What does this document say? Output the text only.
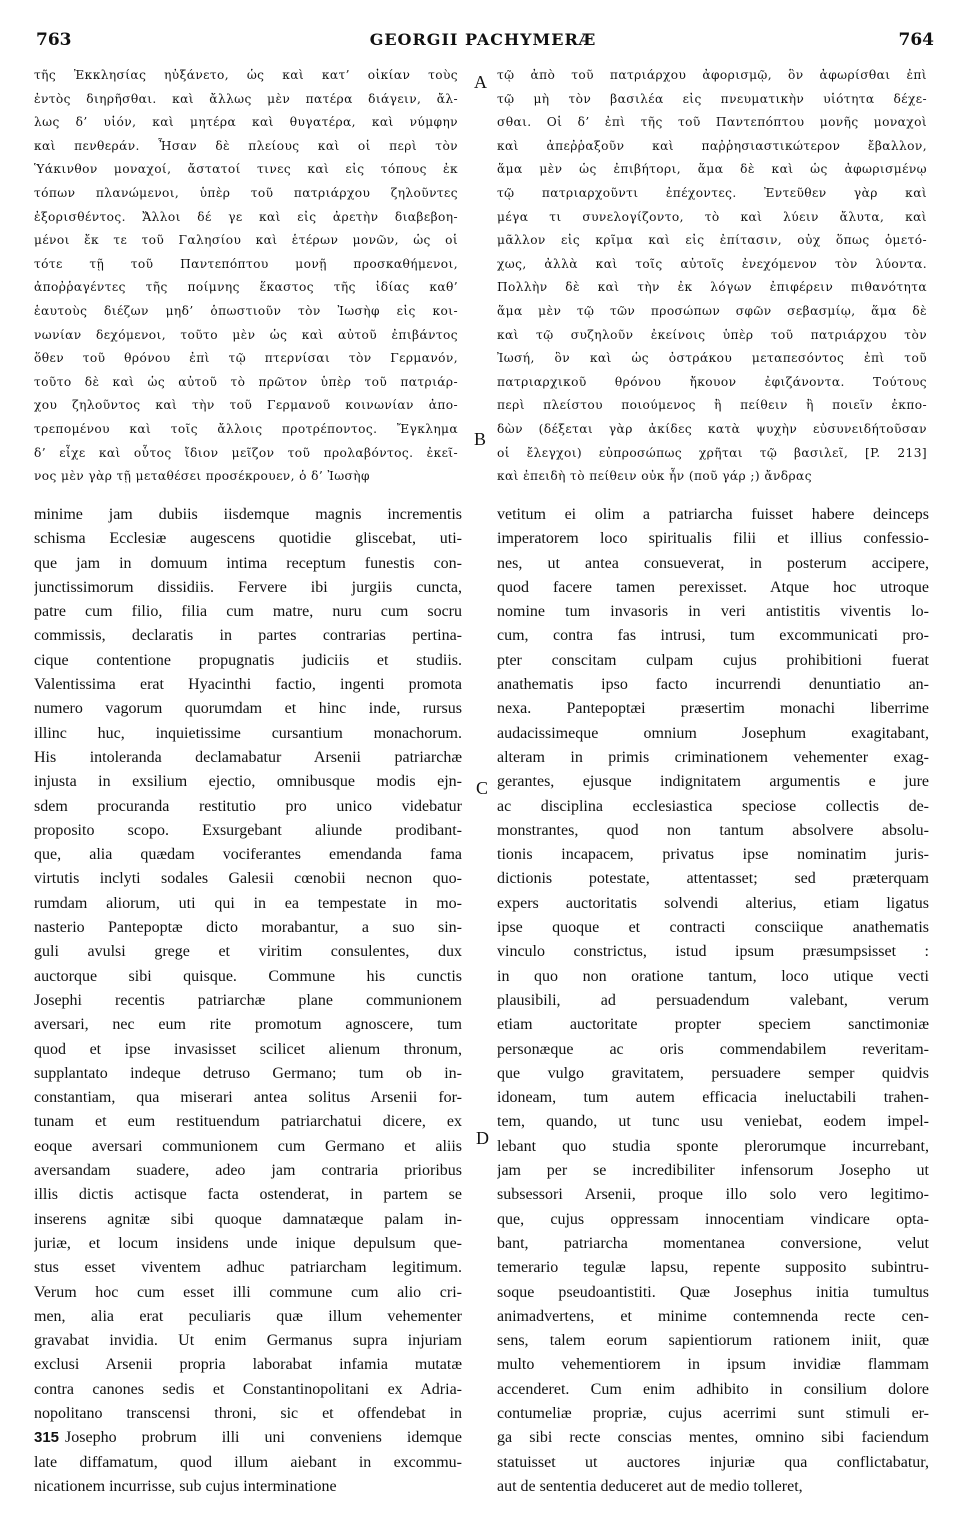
763	GEORGII PACHYMERÆ	764
τῆς Ἐκκλησίας ηὐξάνετο, ὡς καὶ κατ’ οἰκίαν τοὺς
ἐντὸς διηρῆσθαι. καὶ ἄλλως μὲν πατέρα διάγειν, ἄλ-
λως δ’ υἱόν, καὶ μητέρα καὶ θυγατέρα, καὶ νύμφην
καὶ πενθεράν. Ἦσαν δὲ πλείους καὶ οἱ περὶ τὸν
Ὑάκινθον μοναχοί, ἄστατοί τινες καὶ εἰς τόπους ἐκ
τόπων πλανώμενοι, ὑπὲρ τοῦ πατριάρχου ζηλοῦντες
ἐξορισθέντος. Ἄλλοι δέ γε καὶ εἰς ἀρετὴν διαβεβοη-
μένοι ἔκ τε τοῦ Γαλησίου καὶ ἑτέρων μονῶν, ὡς οἱ
τότε τῇ τοῦ Παντεπόπτου μονῇ προσκαθήμενοι,
ἀποῤῥαγέντες τῆς ποίμνης ἕκαστος τῆς ἰδίας καθ’
ἑαυτοὺς διέζων μηδ’ ὁπωστιοῦν τὸν Ἰωσὴφ εἰς κοι-
νωνίαν δεχόμενοι, τοῦτο μὲν ὡς καὶ αὐτοῦ ἐπιβάντος
ὅθεν τοῦ θρόνου ἐπὶ τῷ πτερνίσαι τὸν Γερμανόν,
τοῦτο δὲ καὶ ὡς αὐτοῦ τὸ πρῶτον ὑπὲρ τοῦ πατριάρ-
χου ζηλοῦντος καὶ τὴν τοῦ Γερμανοῦ κοινωνίαν ἀπο-
τρεπομένου καὶ τοῖς ἄλλοις προτρέποντος. Ἔγκλημα
δ’ εἶχε καὶ οὗτος ἴδιον μεῖζον τοῦ προλαβόντος. ἐκεῖ-
νος μὲν γὰρ τῇ μεταθέσει προσέκρουεν, ὁ δ’ Ἰωσὴφ
τῷ ἀπὸ τοῦ πατριάρχου ἀφορισμῷ, ὃν ἀφωρίσθαι ἐπὶ
τῷ μὴ τὸν βασιλέα εἰς πνευματικὴν υἱότητα δέχε-
σθαι. Οἱ δ’ ἐπὶ τῆς τοῦ Παντεπόπτου μονῆς μοναχοὶ
καὶ ἀπεῤῥαξοῦν καὶ παῤῥησιαστικώτερον ἔβαλλον,
ἅμα μὲν ὡς ἐπιβήτορι, ἅμα δὲ καὶ ὡς ἀφωρισμένῳ
τῷ πατριαρχοῦντι ἐπέχοντες. Ἐντεῦθεν γὰρ καὶ
μέγα τι συνελογίζοντο, τὸ καὶ λύειν ἄλυτα, καὶ
μᾶλλον εἰς κρῖμα καὶ εἰς ἐπίτασιν, οὐχ ὅπως ὁμετό-
χως, ἀλλὰ καὶ τοῖς αὐτοῖς ἐνεχόμενον τὸν λύοντα.
Πολλὴν δὲ καὶ τὴν ἐκ λόγων ἐπιφέρειν πιθανότητα
ἅμα μὲν τῷ τῶν προσώπων σφῶν σεβασμίῳ, ἅμα δὲ
καὶ τῷ συζηλοῦν ἐκείνοις ὑπὲρ τοῦ πατριάρχου τὸν
Ἰωσή, ὃν καὶ ὡς ὀστράκου μεταπεσόντος ἐπὶ τοῦ
πατριαρχικοῦ θρόνου ἤκουον ἐφιζάνοντα. Τούτους
περὶ πλείστου ποιούμενος ἢ πείθειν ἢ ποιεῖν ἐκπο-
δὼν (δέξεται γὰρ ἀκίδες κατὰ ψυχὴν εὐσυνειδήτοῦσαν
οἱ ἔλεγχοι) εὐπροσώπως χρῆται τῷ βασιλεῖ, [P. 213]
καὶ ἐπειδὴ τὸ πείθειν οὐκ ἦν (ποῦ γάρ ;) ἄνδρας
A
B
C
D
minime jam dubiis iisdemque magnis incrementis
schisma Ecclesiæ augescens quotidie gliscebat, uti-
que jam in domuum intima receptum funestis con-
junctissimorum dissidiis. Fervere ibi jurgiis cuncta,
patre cum filio, filia cum matre, nuru cum socru
commissis, declaratis in partes contrarias pertina-
cique contentione propugnatis judiciis et studiis.
Valentissima erat Hyacinthi factio, ingenti promota
numero vagorum quorumdam et hinc inde, rursus
illinc huc, inquietissime cursantium monachorum.
His intoleranda declamabatur Arsenii patriarchæ
injusta in exsilium ejectio, omnibusque modis ejn-
sdem procuranda restitutio pro unico videbatur
proposito scopo. Exsurgebant aliunde prodibant-
que, alia quædam vociferantes emendanda fama
virtutis inclyti sodales Galesii cœnobii necnon quo-
rumdam aliorum, uti qui in ea tempestate in mo-
nasterio Pantepoptæ dicto morabantur, a suo sin-
guli avulsi grege et viritim consulentes, dux
auctorque sibi quisque. Commune his cunctis
Josephi recentis patriarchæ plane communionem
aversari, nec eum rite promotum agnoscere, tum
quod et ipse invasisset scilicet alienum thronum,
supplantato indeque detruso Germano; tum ob in-
constantiam, qua miserari antea solitus Arsenii for-
tunam et eum restituendum patriarchatui dicere, ex
eoque aversari communionem cum Germano et aliis
aversandam suadere, adeo jam contraria prioribus
illis dictis actisque facta ostenderat, in partem se
inserens agnitæ sibi quoque damnatæque palam in-
juriæ, et locum insidens unde inique depulsum que-
stus esset viventem adhuc patriarcham legitimum.
Verum hoc cum esset illi commune cum alio cri-
men, alia erat peculiaris quæ illum vehementer
gravabat invidia. Ut enim Germanus supra injuriam
exclusi Arsenii propria laborabat infamia mutatæ
contra canones sedis et Constantinopolitani ex Adria-
nopolitano transcensi throni, sic et offendebat in
315 Josepho probrum illi uni conveniens idemque
late diffamatum, quod illum aiebant in excommu-
nicationem incurrisse, sub cujus interminatione
vetitum ei olim a patriarcha fuisset habere deinceps
imperatorem loco spiritualis filii et illius confessio-
nes, ut antea consueverat, in posterum accipere,
quod facere tamen perexisset. Atque hoc utroque
nomine tum invasoris in veri antistitis viventis lo-
cum, contra fas intrusi, tum excommunicati pro-
pter conscitam culpam cujus prohibitioni fuerat
anathematis ipso facto incurrendi denuntiatio an-
nexa. Pantepoptæi præsertim monachi liberrime
audacissimeque omnium Josephum exagitabant,
alteram in primis criminationem vehementer exag-
gerantes, ejusque indignitatem argumentis e jure
ac disciplina ecclesiastica speciose collectis de-
monstrantes, quod non tantum absolvere absolu-
tionis incapacem, privatus ipse nominatim juris-
dictionis potestate, attentasset; sed præterquam
expers auctoritatis solvendi alterius, etiam ligatus
ipse quoque et contracti consciique anathematis
vinculo constrictus, istud ipsum præsumpsisset :
in quo non oratione tantum, loco utique vecti
plausibili, ad persuadendum valebant, verum
etiam auctoritate propter speciem sanctimoniæ
personæque ac oris commendabilem reveritam-
que vulgo gravitatem, persuadere semper quidvis
idoneam, tum autem efficacia ineluctabili trahen-
tem, quando, ut tunc usu veniebat, eodem impel-
lebant quo studia sponte plerorumque incurrebant,
jam per se incredibiliter infensorum Josepho ut
subsessori Arsenii, proque illo solo vero legitimo-
que, cujus oppressam innocentiam vindicare opta-
bant, patriarcha momentanea conversione, velut
temerario tegulæ lapsu, repente supposito subintru-
soque pseudoantistiti. Quæ Josephus initia tumultus
animadvertens, et minime contemnenda recte cen-
sens, talem eorum sapientiorum rationem iniit, quæ
multo vehementiorem in ipsum invidiæ flammam
accenderet. Cum enim adhibito in consilium dolore
contumeliæ propriæ, cujus acerrimi sunt stimuli er-
ga sibi recte conscias mentes, omnino sibi faciendum
statuisset ut auctores injuriæ qua conflictabatur,
aut de sententia deduceret aut de medio tolleret,
